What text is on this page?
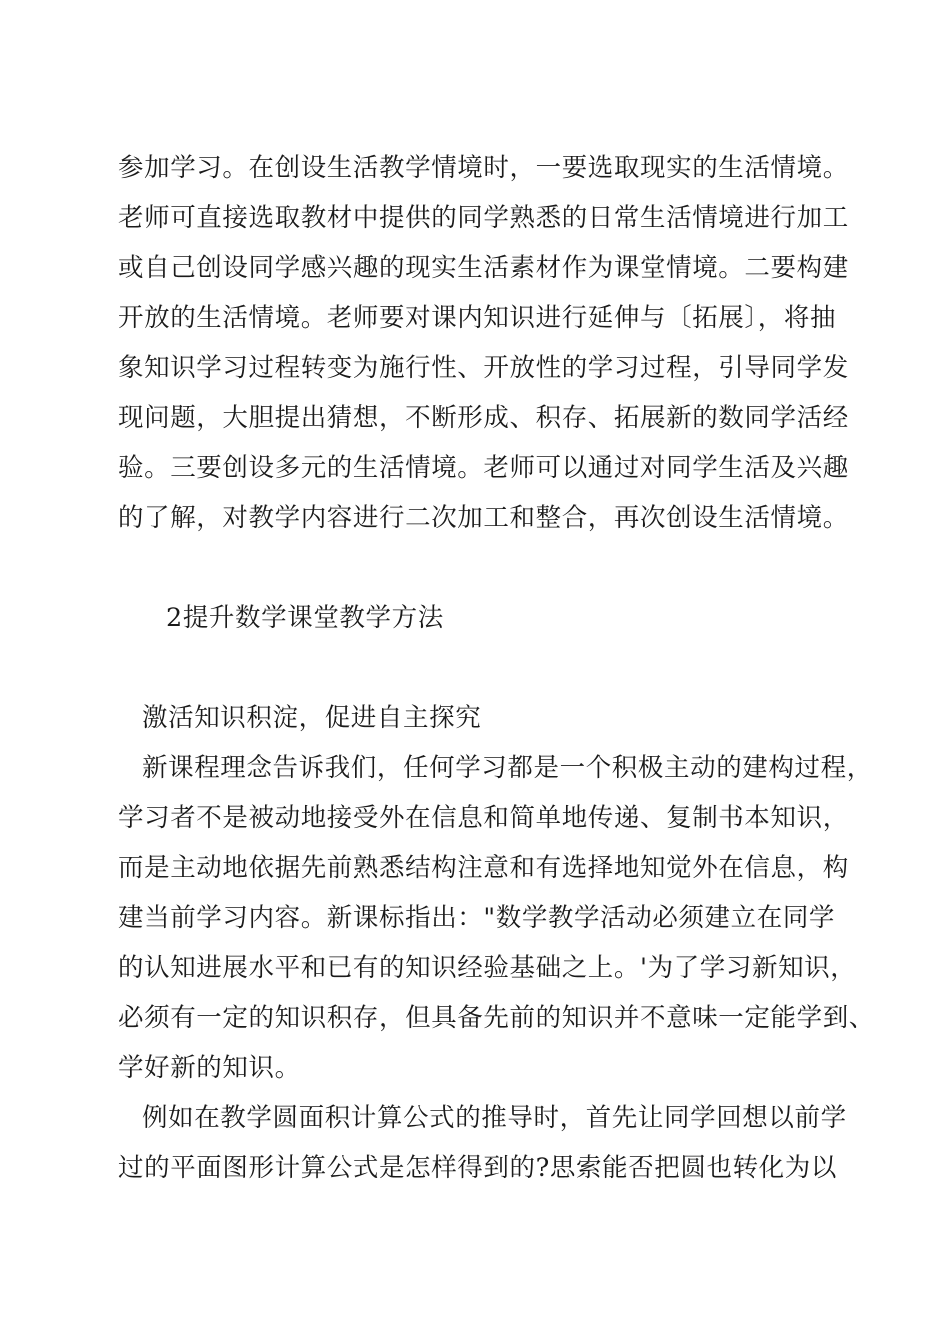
参加学习。在创设生活教学情境时，一要选取现实的生活情境。
老师可直接选取教材中提供的同学熟悉的日常生活情境进行加工
或自己创设同学感兴趣的现实生活素材作为课堂情境。二要构建
开放的生活情境。老师要对课内知识进行延伸与〔拓展〕，将抽
象知识学习过程转变为施行性、开放性的学习过程，引导同学发
现问题，大胆提出猜想，不断形成、积存、拓展新的数同学活经
验。三要创设多元的生活情境。老师可以通过对同学生活及兴趣
的了解，对教学内容进行二次加工和整合，再次创设生活情境。
2提升数学课堂教学方法
激活知识积淀，促进自主探究
新课程理念告诉我们，任何学习都是一个积极主动的建构过程，
学习者不是被动地接受外在信息和简单地传递、复制书本知识，
而是主动地依据先前熟悉结构注意和有选择地知觉外在信息，构
建当前学习内容。新课标指出："数学教学活动必须建立在同学
的认知进展水平和已有的知识经验基础之上。'为了学习新知识，
必须有一定的知识积存，但具备先前的知识并不意味一定能学到、
学好新的知识。
例如在教学圆面积计算公式的推导时，首先让同学回想以前学
过的平面图形计算公式是怎样得到的?思索能否把圆也转化为以
